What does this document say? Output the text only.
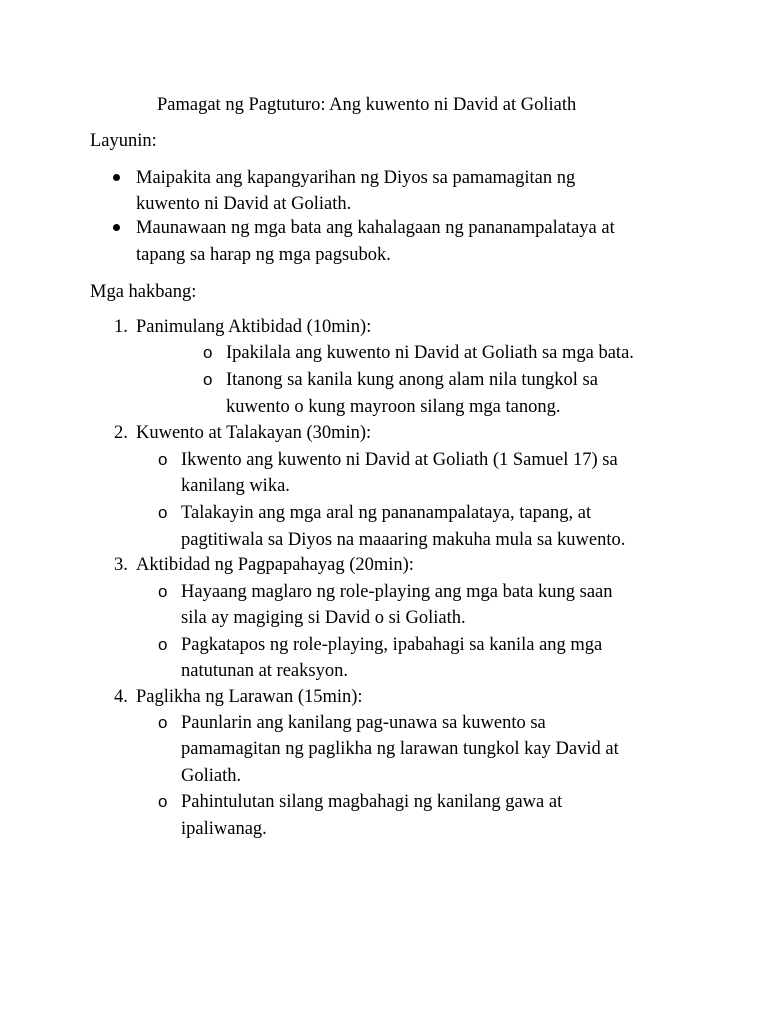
Pamagat ng Pagtuturo: Ang kuwento ni David at Goliath
Layunin:
Maipakita ang kapangyarihan ng Diyos sa pamamagitan ng
kuwento ni David at Goliath.
Maunawaan ng mga bata ang kahalagaan ng pananampalataya at
tapang sa harap ng mga pagsubok.
Mga hakbang:
1. Panimulang Aktibidad (10min):
o Ipakilala ang kuwento ni David at Goliath sa mga bata.
o Itanong sa kanila kung anong alam nila tungkol sa
kuwento o kung mayroon silang mga tanong.
2. Kuwento at Talakayan (30min):
o Ikwento ang kuwento ni David at Goliath (1 Samuel 17) sa
kanilang wika.
o Talakayin ang mga aral ng pananampalataya, tapang, at
pagtitiwala sa Diyos na maaaring makuha mula sa kuwento.
3. Aktibidad ng Pagpapahayag (20min):
o Hayaang maglaro ng role-playing ang mga bata kung saan
sila ay magiging si David o si Goliath.
o Pagkatapos ng role-playing, ipabahagi sa kanila ang mga
natutunan at reaksyon.
4. Paglikha ng Larawan (15min):
o Paunlarin ang kanilang pag-unawa sa kuwento sa
pamamagitan ng paglikha ng larawan tungkol kay David at
Goliath.
o Pahintulutan silang magbahagi ng kanilang gawa at
ipaliwanag.
